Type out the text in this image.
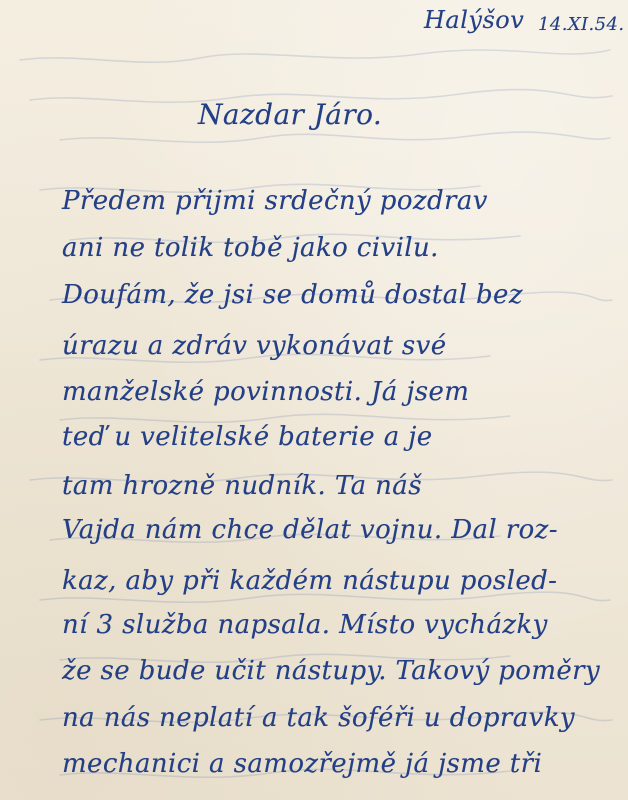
Halýšov 14.XI.54.
Nazdar Járo.
Předem přijmi srdečný pozdrav
ani ne tolik tobě jako civilu.
Doufám, že jsi se domů dostal bez
úrazu a zdráv vykonávat své
manželské povinnosti. Já jsem
teď u velitelské baterie a je
tam hrozně nudník. Ta náš
Vajda nám chce dělat vojnu. Dal roz-
kaz, aby při každém nástupu posled-
ní 3 služba napsala. Místo vycházky
že se bude učit nástupy. Takový poměry
na nás neplatí a tak šoféři u dopravky
mechanici a samozřejmě já jsme tři
